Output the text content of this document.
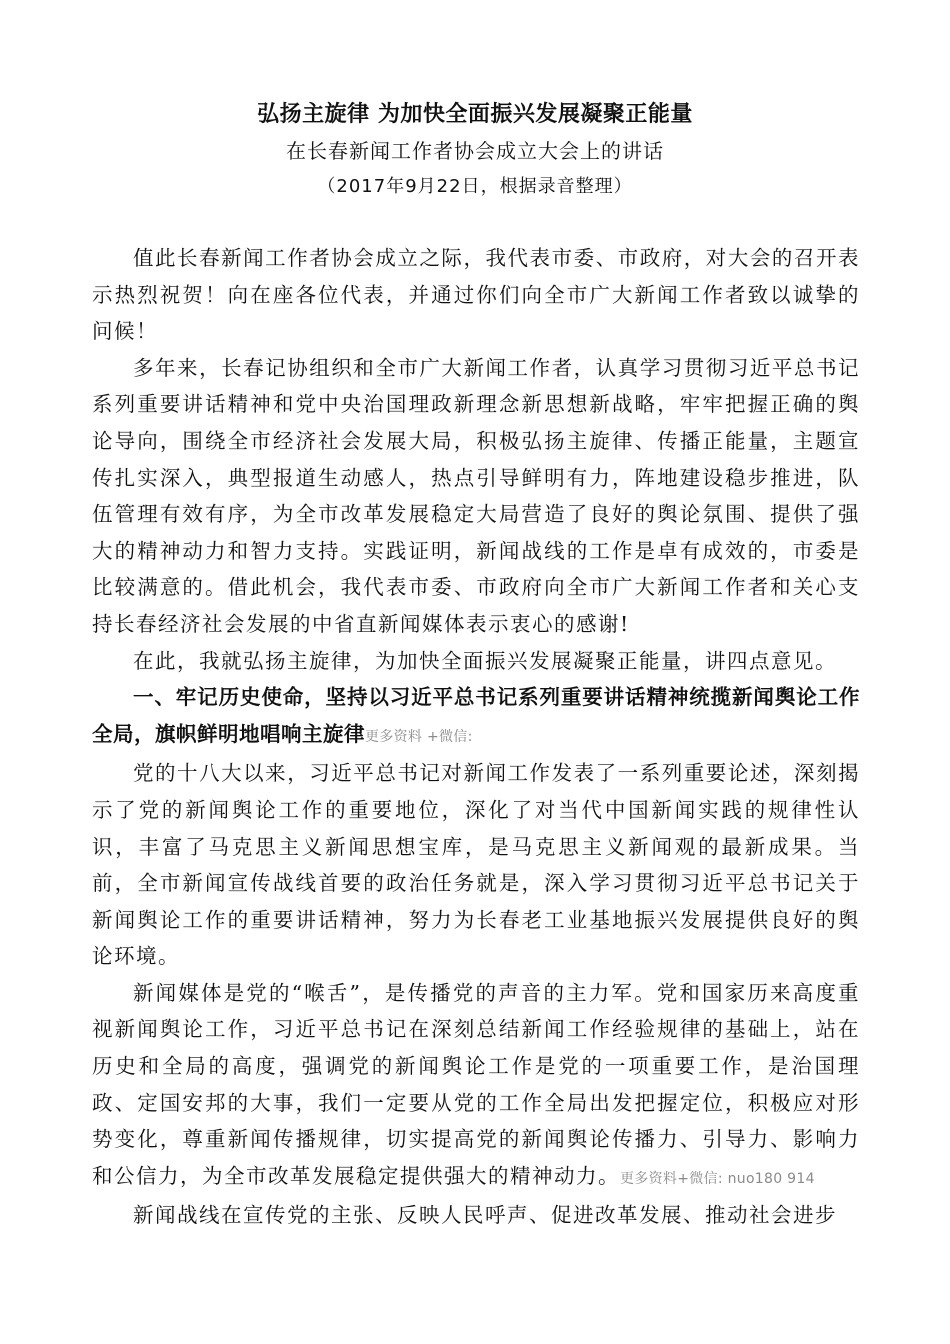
弘扬主旋律 为加快全面振兴发展凝聚正能量
在长春新闻工作者协会成立大会上的讲话
（2017年9月22日，根据录音整理）

值此长春新闻工作者协会成立之际，我代表市委、市政府，对大会的召开表示热烈祝贺！向在座各位代表，并通过你们向全市广大新闻工作者致以诚挚的问候！

多年来，长春记协组织和全市广大新闻工作者，认真学习贯彻习近平总书记系列重要讲话精神和党中央治国理政新理念新思想新战略，牢牢把握正确的舆论导向，围绕全市经济社会发展大局，积极弘扬主旋律、传播正能量，主题宣传扎实深入，典型报道生动感人，热点引导鲜明有力，阵地建设稳步推进，队伍管理有效有序，为全市改革发展稳定大局营造了良好的舆论氛围、提供了强大的精神动力和智力支持。实践证明，新闻战线的工作是卓有成效的，市委是比较满意的。借此机会，我代表市委、市政府向全市广大新闻工作者和关心支持长春经济社会发展的中省直新闻媒体表示衷心的感谢!

在此，我就弘扬主旋律，为加快全面振兴发展凝聚正能量，讲四点意见。

一、牢记历史使命，坚持以习近平总书记系列重要讲话精神统揽新闻舆论工作全局，旗帜鲜明地唱响主旋律更多资料 +微信:

党的十八大以来，习近平总书记对新闻工作发表了一系列重要论述，深刻揭示了党的新闻舆论工作的重要地位，深化了对当代中国新闻实践的规律性认识，丰富了马克思主义新闻思想宝库，是马克思主义新闻观的最新成果。当前，全市新闻宣传战线首要的政治任务就是，深入学习贯彻习近平总书记关于新闻舆论工作的重要讲话精神，努力为长春老工业基地振兴发展提供良好的舆论环境。

新闻媒体是党的“喉舌”，是传播党的声音的主力军。党和国家历来高度重视新闻舆论工作，习近平总书记在深刻总结新闻工作经验规律的基础上，站在历史和全局的高度，强调党的新闻舆论工作是党的一项重要工作，是治国理政、定国安邦的大事，我们一定要从党的工作全局出发把握定位，积极应对形势变化，尊重新闻传播规律，切实提高党的新闻舆论传播力、引导力、影响力和公信力，为全市改革发展稳定提供强大的精神动力。更多资料+微信: nuo180 914

新闻战线在宣传党的主张、反映人民呼声、促进改革发展、推动社会进步
